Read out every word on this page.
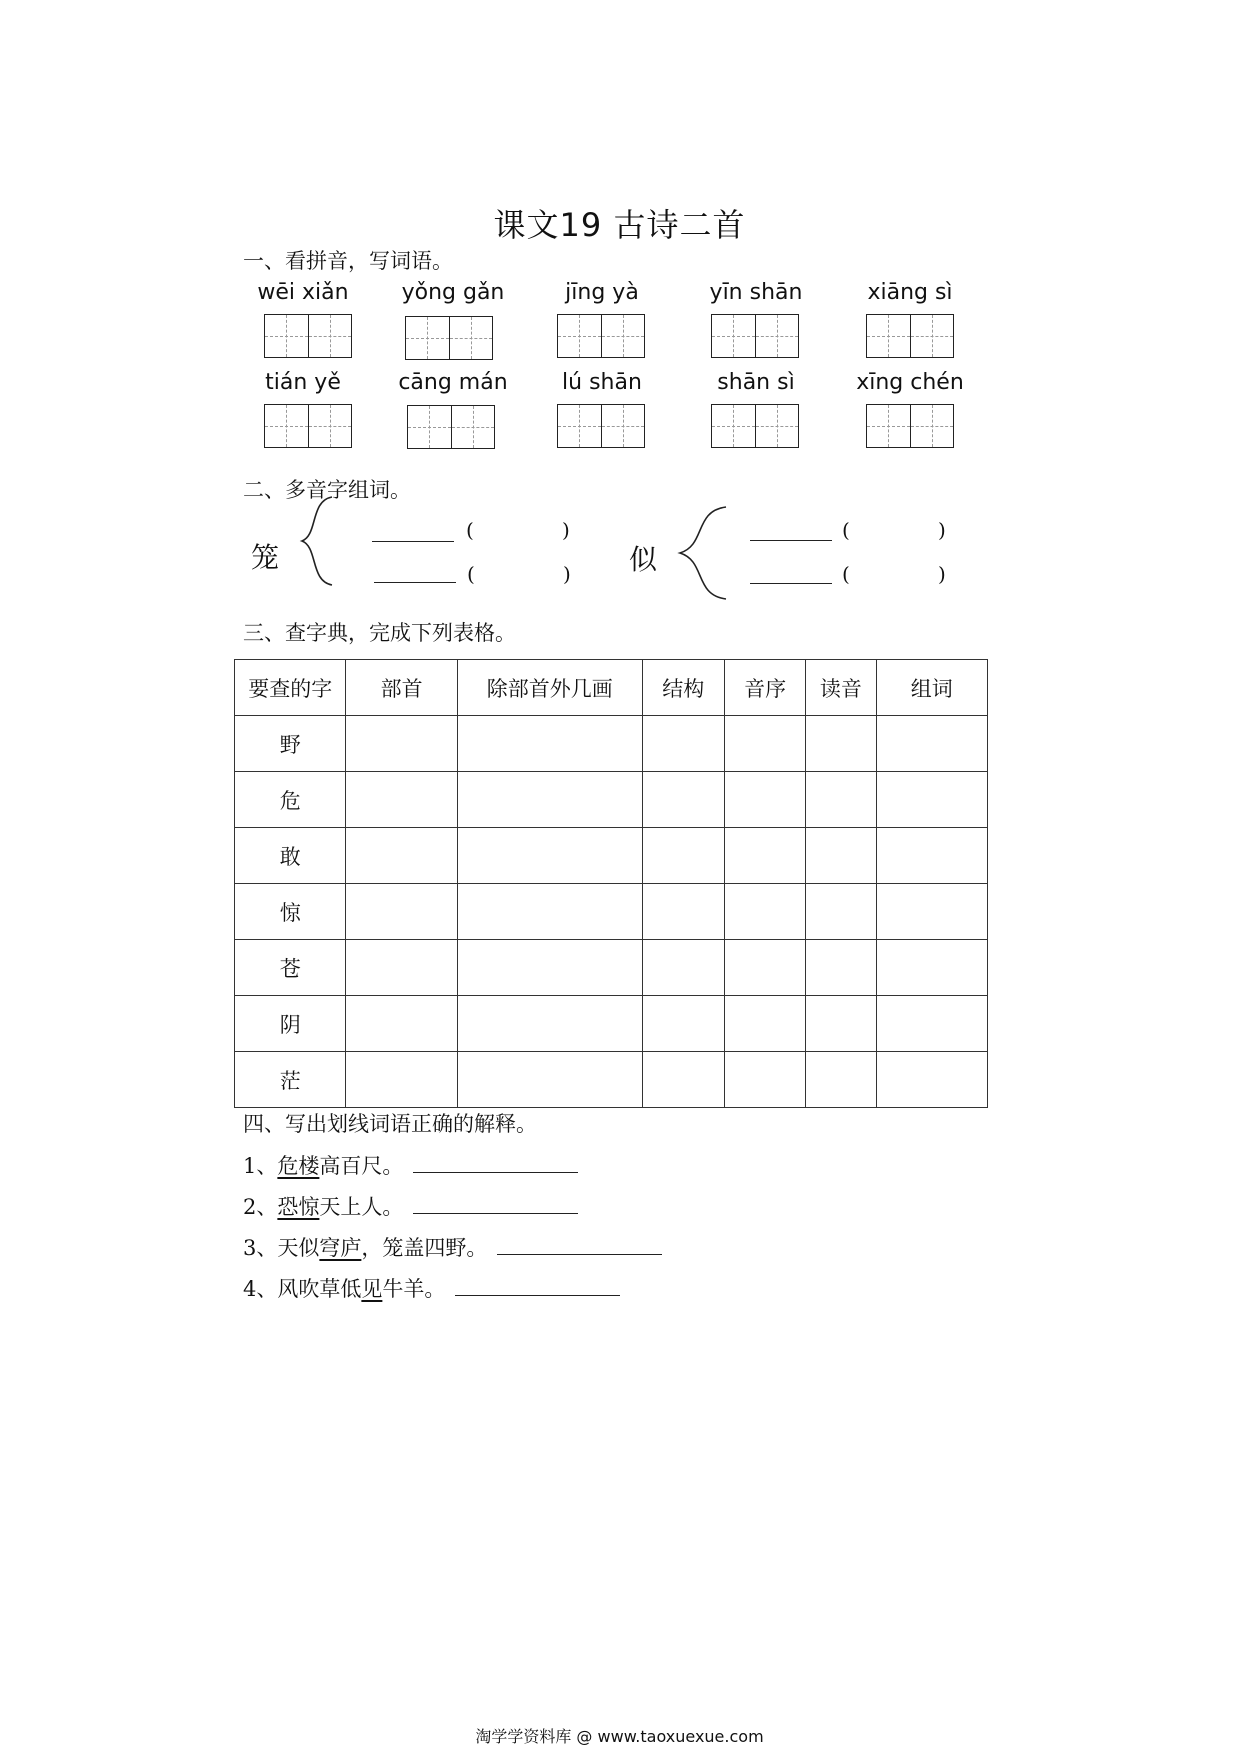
课文19 古诗二首
一、看拼音，写词语。
wēi xiǎn	yǒng gǎn	jīng yà	yīn shān	xiāng sì
tián yě	cāng mán	lú shān	shān sì	xīng chén
二、多音字组词。
笼
(	)
(	) 似
(	)
(	)
三、查字典，完成下列表格。
要查的字	部首	除部首外几画	结构	音序	读音	组词
野						
危						
敢						
惊						
苍						
阴						
茫						
四、写出划线词语正确的解释。
1、危楼高百尺。
2、恐惊天上人。
3、天似穹庐，笼盖四野。
4、风吹草低见牛羊。
淘学学资料库 @ www.taoxuexue.com
